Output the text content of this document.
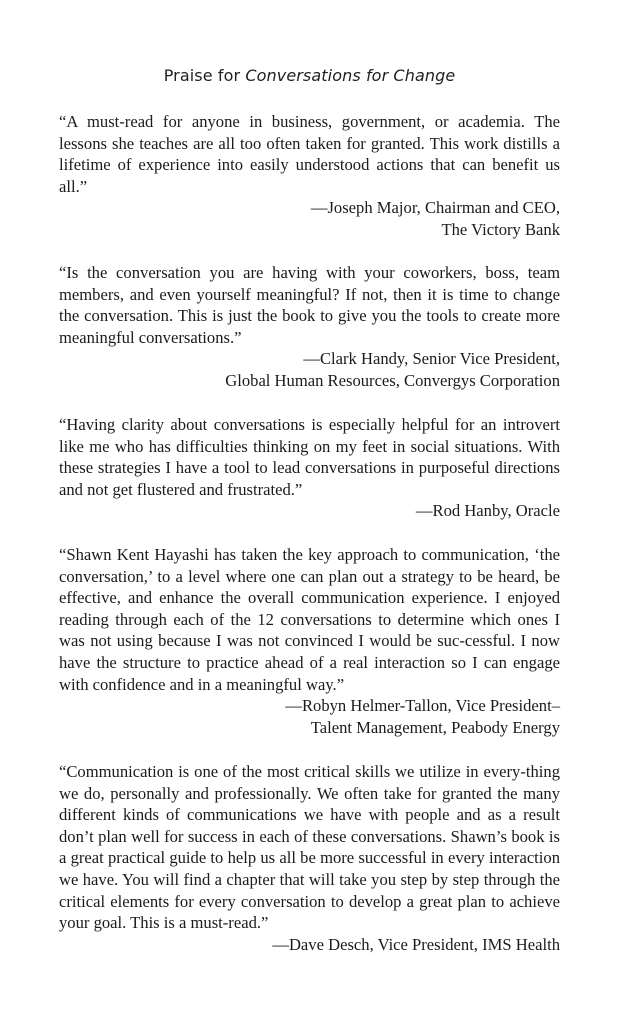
Praise for Conversations for Change

“A must-read for anyone in business, government, or academia. The lessons she teaches are all too often taken for granted. This work distills a lifetime of experience into easily understood actions that can benefit us all.”

—Joseph Major, Chairman and CEO,
The Victory Bank

“Is the conversation you are having with your coworkers, boss, team members, and even yourself meaningful? If not, then it is time to change the conversation. This is just the book to give you the tools to create more meaningful conversations.”

—Clark Handy, Senior Vice President,
Global Human Resources, Convergys Corporation

“Having clarity about conversations is especially helpful for an introvert like me who has difficulties thinking on my feet in social situations. With these strategies I have a tool to lead conversations in purposeful directions and not get flustered and frustrated.”

—Rod Hanby, Oracle

“Shawn Kent Hayashi has taken the key approach to communication, ‘the conversation,’ to a level where one can plan out a strategy to be heard, be effective, and enhance the overall communication experience. I enjoyed reading through each of the 12 conversations to determine which ones I was not using because I was not convinced I would be suc-cessful. I now have the structure to practice ahead of a real interaction so I can engage with confidence and in a meaningful way.”

—Robyn Helmer-Tallon, Vice President–
Talent Management, Peabody Energy

“Communication is one of the most critical skills we utilize in every-thing we do, personally and professionally. We often take for granted the many different kinds of communications we have with people and as a result don’t plan well for success in each of these conversations. Shawn’s book is a great practical guide to help us all be more successful in every interaction we have. You will find a chapter that will take you step by step through the critical elements for every conversation to develop a great plan to achieve your goal. This is a must-read.”

—Dave Desch, Vice President, IMS Health
